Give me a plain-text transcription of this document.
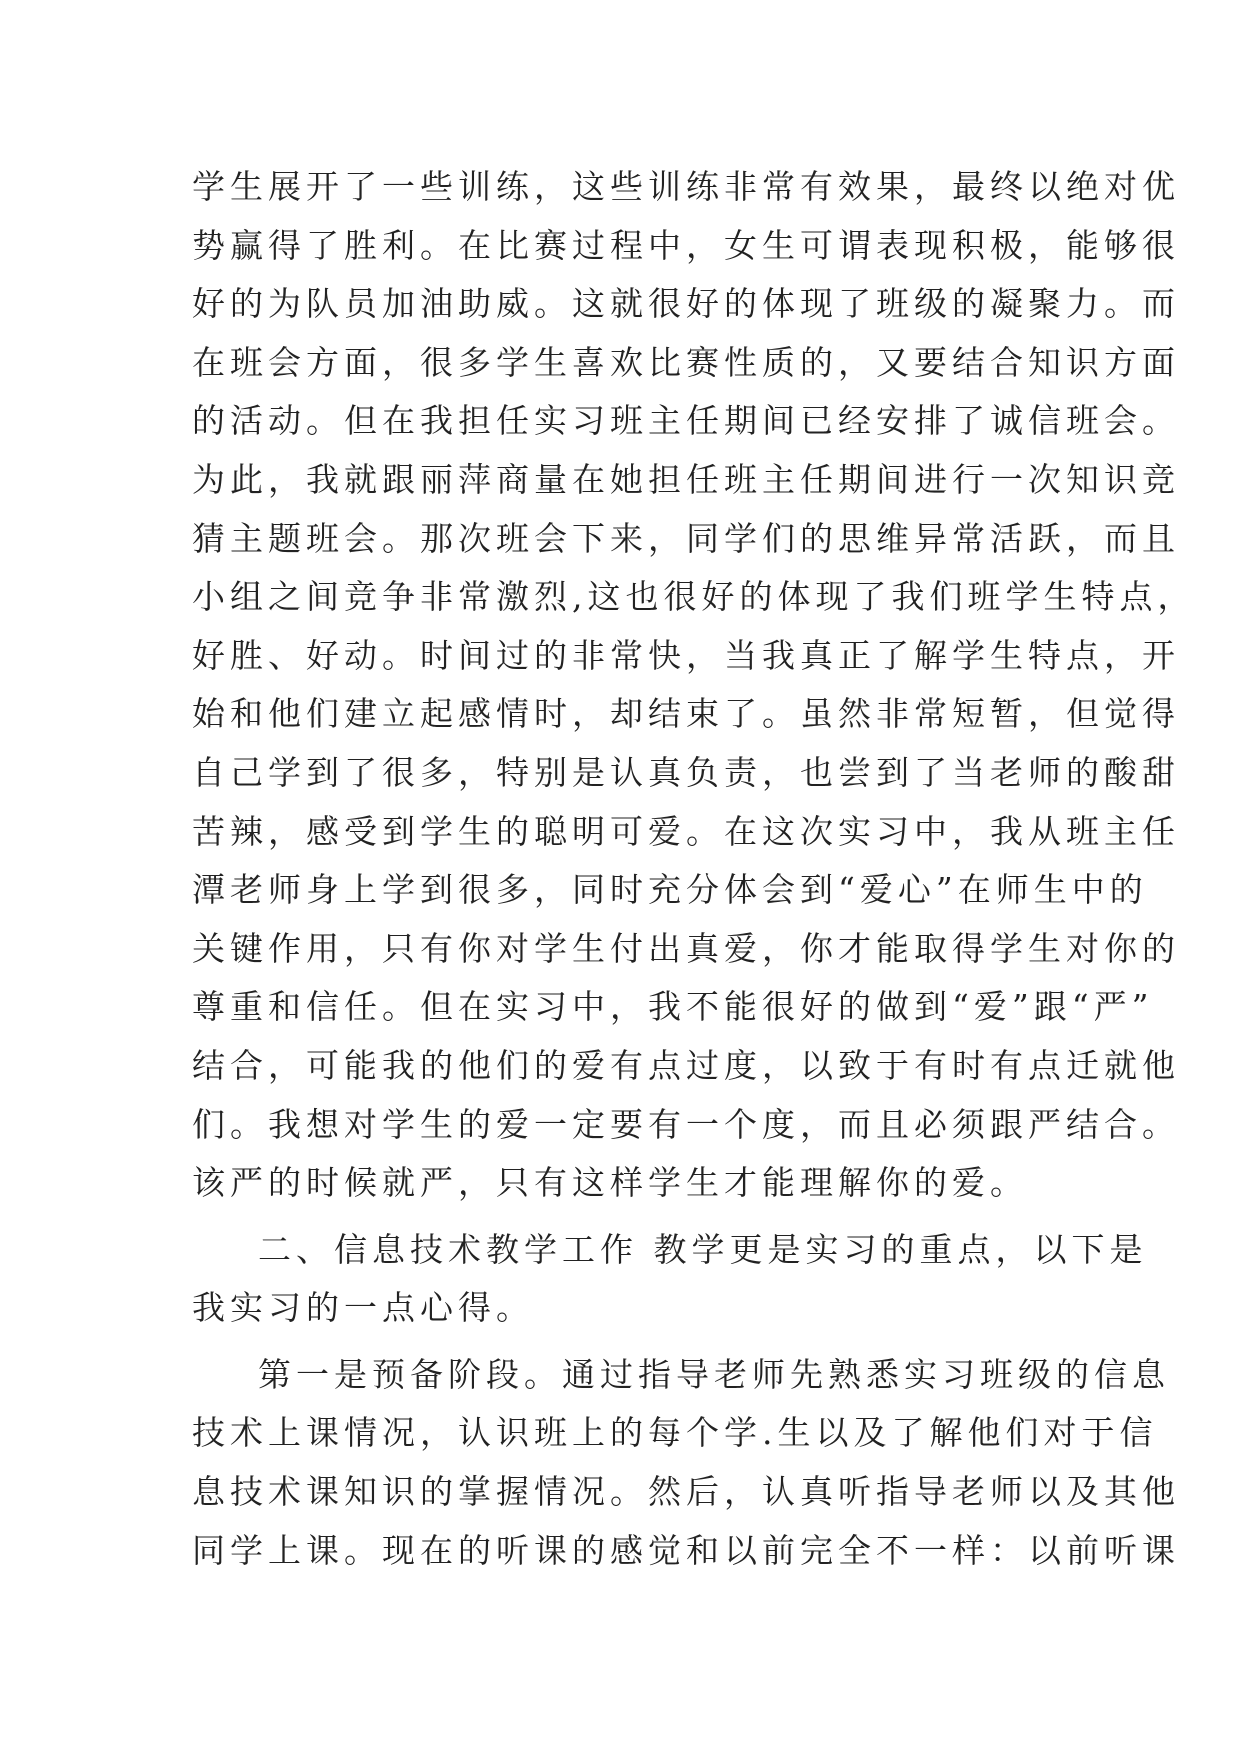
学生展开了一些训练，这些训练非常有效果，最终以绝对优

势赢得了胜利。在比赛过程中，女生可谓表现积极，能够很

好的为队员加油助威。这就很好的体现了班级的凝聚力。而

在班会方面，很多学生喜欢比赛性质的，又要结合知识方面

的活动。但在我担任实习班主任期间已经安排了诚信班会。

为此，我就跟丽萍商量在她担任班主任期间进行一次知识竞

猜主题班会。那次班会下来，同学们的思维异常活跃，而且

小组之间竞争非常激烈,这也很好的体现了我们班学生特点，

好胜、好动。时间过的非常快，当我真正了解学生特点，开

始和他们建立起感情时，却结束了。虽然非常短暂，但觉得

自己学到了很多，特别是认真负责，也尝到了当老师的酸甜

苦辣，感受到学生的聪明可爱。在这次实习中，我从班主任

潭老师身上学到很多，同时充分体会到“爱心”在师生中的

关键作用，只有你对学生付出真爱，你才能取得学生对你的

尊重和信任。但在实习中，我不能很好的做到“爱”跟“严”

结合，可能我的他们的爱有点过度，以致于有时有点迁就他

们。我想对学生的爱一定要有一个度，而且必须跟严结合。

该严的时候就严，只有这样学生才能理解你的爱。

二、信息技术教学工作 教学更是实习的重点，以下是

我实习的一点心得。

第一是预备阶段。通过指导老师先熟悉实习班级的信息

技术上课情况，认识班上的每个学.生以及了解他们对于信

息技术课知识的掌握情况。然后，认真听指导老师以及其他

同学上课。现在的听课的感觉和以前完全不一样：以前听课
